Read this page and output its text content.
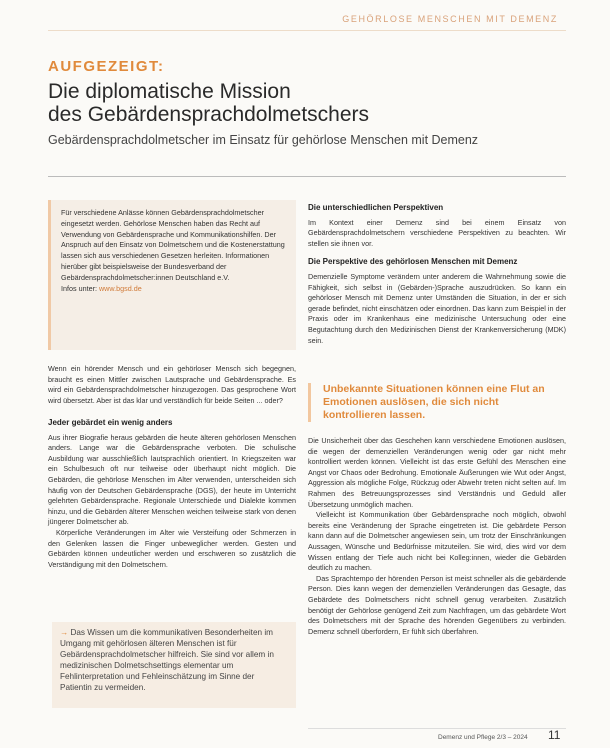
GEHÖRLOSE MENSCHEN MIT DEMENZ
AUFGEZEIGT:
Die diplomatische Mission
des Gebärdensprachdolmetschers

Gebärdensprachdolmetscher im Einsatz für gehörlose Menschen mit Demenz

Für verschiedene Anlässe können Gebärdensprachdolmetscher eingesetzt werden. Gehörlose Menschen haben das Recht auf Verwendung von Gebärdensprache und Kommunikationshilfen. Der Anspruch auf den Einsatz von Dolmetschern und die Kostenerstattung lassen sich aus verschiedenen Gesetzen herleiten. Informationen hierüber gibt beispielsweise der Bundesverband der Gebärdensprachdolmetscher:innen Deutschland e.V.
Infos unter: www.bgsd.de

Wenn ein hörender Mensch und ein gehörloser Mensch sich begegnen, braucht es einen Mittler zwischen Lautsprache und Gebärdensprache. Es wird ein Gebärdensprachdolmetscher hinzugezogen. Das gesprochene Wort wird übersetzt. Aber ist das klar und verständlich für beide Seiten ... oder?

Jeder gebärdet ein wenig anders

Aus ihrer Biografie heraus gebärden die heute älteren gehörlosen Menschen anders. Lange war die Gebärdensprache verboten. Die schulische Ausbildung war ausschließlich lautsprachlich orientiert. In Kriegszeiten war ein Schulbesuch oft nur teilweise oder überhaupt nicht möglich. Die Gebärden, die gehörlose Menschen im Alter verwenden, unterscheiden sich häufig von der Deutschen Gebärdensprache (DGS), der heute im Unterricht gelehrten Gebärdensprache. Regionale Unterschiede und Dialekte kommen hinzu, und die Gebärden älterer Menschen weichen teilweise stark von denen jüngerer Dolmetscher ab.

Körperliche Veränderungen im Alter wie Versteifung oder Schmerzen in den Gelenken lassen die Finger unbeweglicher werden. Gesten und Gebärden können undeutlicher werden und erschweren so zusätzlich die Verständigung mit den Dolmetschern.

→ Das Wissen um die kommunikativen Besonderheiten im Umgang mit gehörlosen älteren Menschen ist für Gebärdensprachdolmetscher hilfreich. Sie sind vor allem in medizinischen Dolmetschsettings elementar um Fehlinterpretation und Fehleinschätzung im Sinne der Patientin zu vermeiden.
Die unterschiedlichen Perspektiven

Im Kontext einer Demenz sind bei einem Einsatz von Gebärdensprachdolmetschern verschiedene Perspektiven zu beachten. Wir stellen sie ihnen vor.

Die Perspektive des gehörlosen Menschen mit Demenz

Demenzielle Symptome verändern unter anderem die Wahrnehmung sowie die Fähigkeit, sich selbst in (Gebärden-)Sprache auszudrücken. So kann ein gehörloser Mensch mit Demenz unter Umständen die Situation, in der er sich gerade befindet, nicht einschätzen oder einordnen. Das kann zum Beispiel in der Praxis oder im Krankenhaus eine medizinische Untersuchung oder eine Begutachtung durch den Medizinischen Dienst der Krankenversicherung (MDK) sein.

Unbekannte Situationen können eine Flut an Emotionen auslösen, die sich nicht kontrollieren lassen.

Die Unsicherheit über das Geschehen kann verschiedene Emotionen auslösen, die wegen der demenziellen Veränderungen wenig oder gar nicht mehr kontrolliert werden können. Vielleicht ist das erste Gefühl des Menschen eine Angst vor Chaos oder Bedrohung. Emotionale Äußerungen wie Wut oder Angst, Aggression als mögliche Folge, Rückzug oder Abwehr treten nicht selten auf. Im Rahmen des Betreuungsprozesses sind Verständnis und Geduld aller Übersetzung unmöglich machen.

Vielleicht ist Kommunikation über Gebärdensprache noch möglich, obwohl bereits eine Veränderung der Sprache eingetreten ist. Die gebärdete Person kann dann auf die Dolmetscher angewiesen sein, um trotz der Einschränkungen Aussagen, Wünsche und Bedürfnisse mitzuteilen. Sie wird, dies wird vor dem Wissen entlang der Tiefe auch nicht bei Kolleg:innen, wieder die Gebärden deutlich zu machen.

Das Sprachtempo der hörenden Person ist meist schneller als die gebärdende Person. Dies kann wegen der demenziellen Veränderungen das Gesagte, das Gebärdete des Dolmetschers nicht schnell genug verarbeiten. Zusätzlich benötigt der Gehörlose genügend Zeit zum Nachfragen, um das gebärdete Wort des Dolmetschers mit der Sprache des hörenden Gegenübers zu verbinden. Demenz schnell überfordern, Er fühlt sich überfahren.

Demenz und Pflege 2/3 – 2024 11
